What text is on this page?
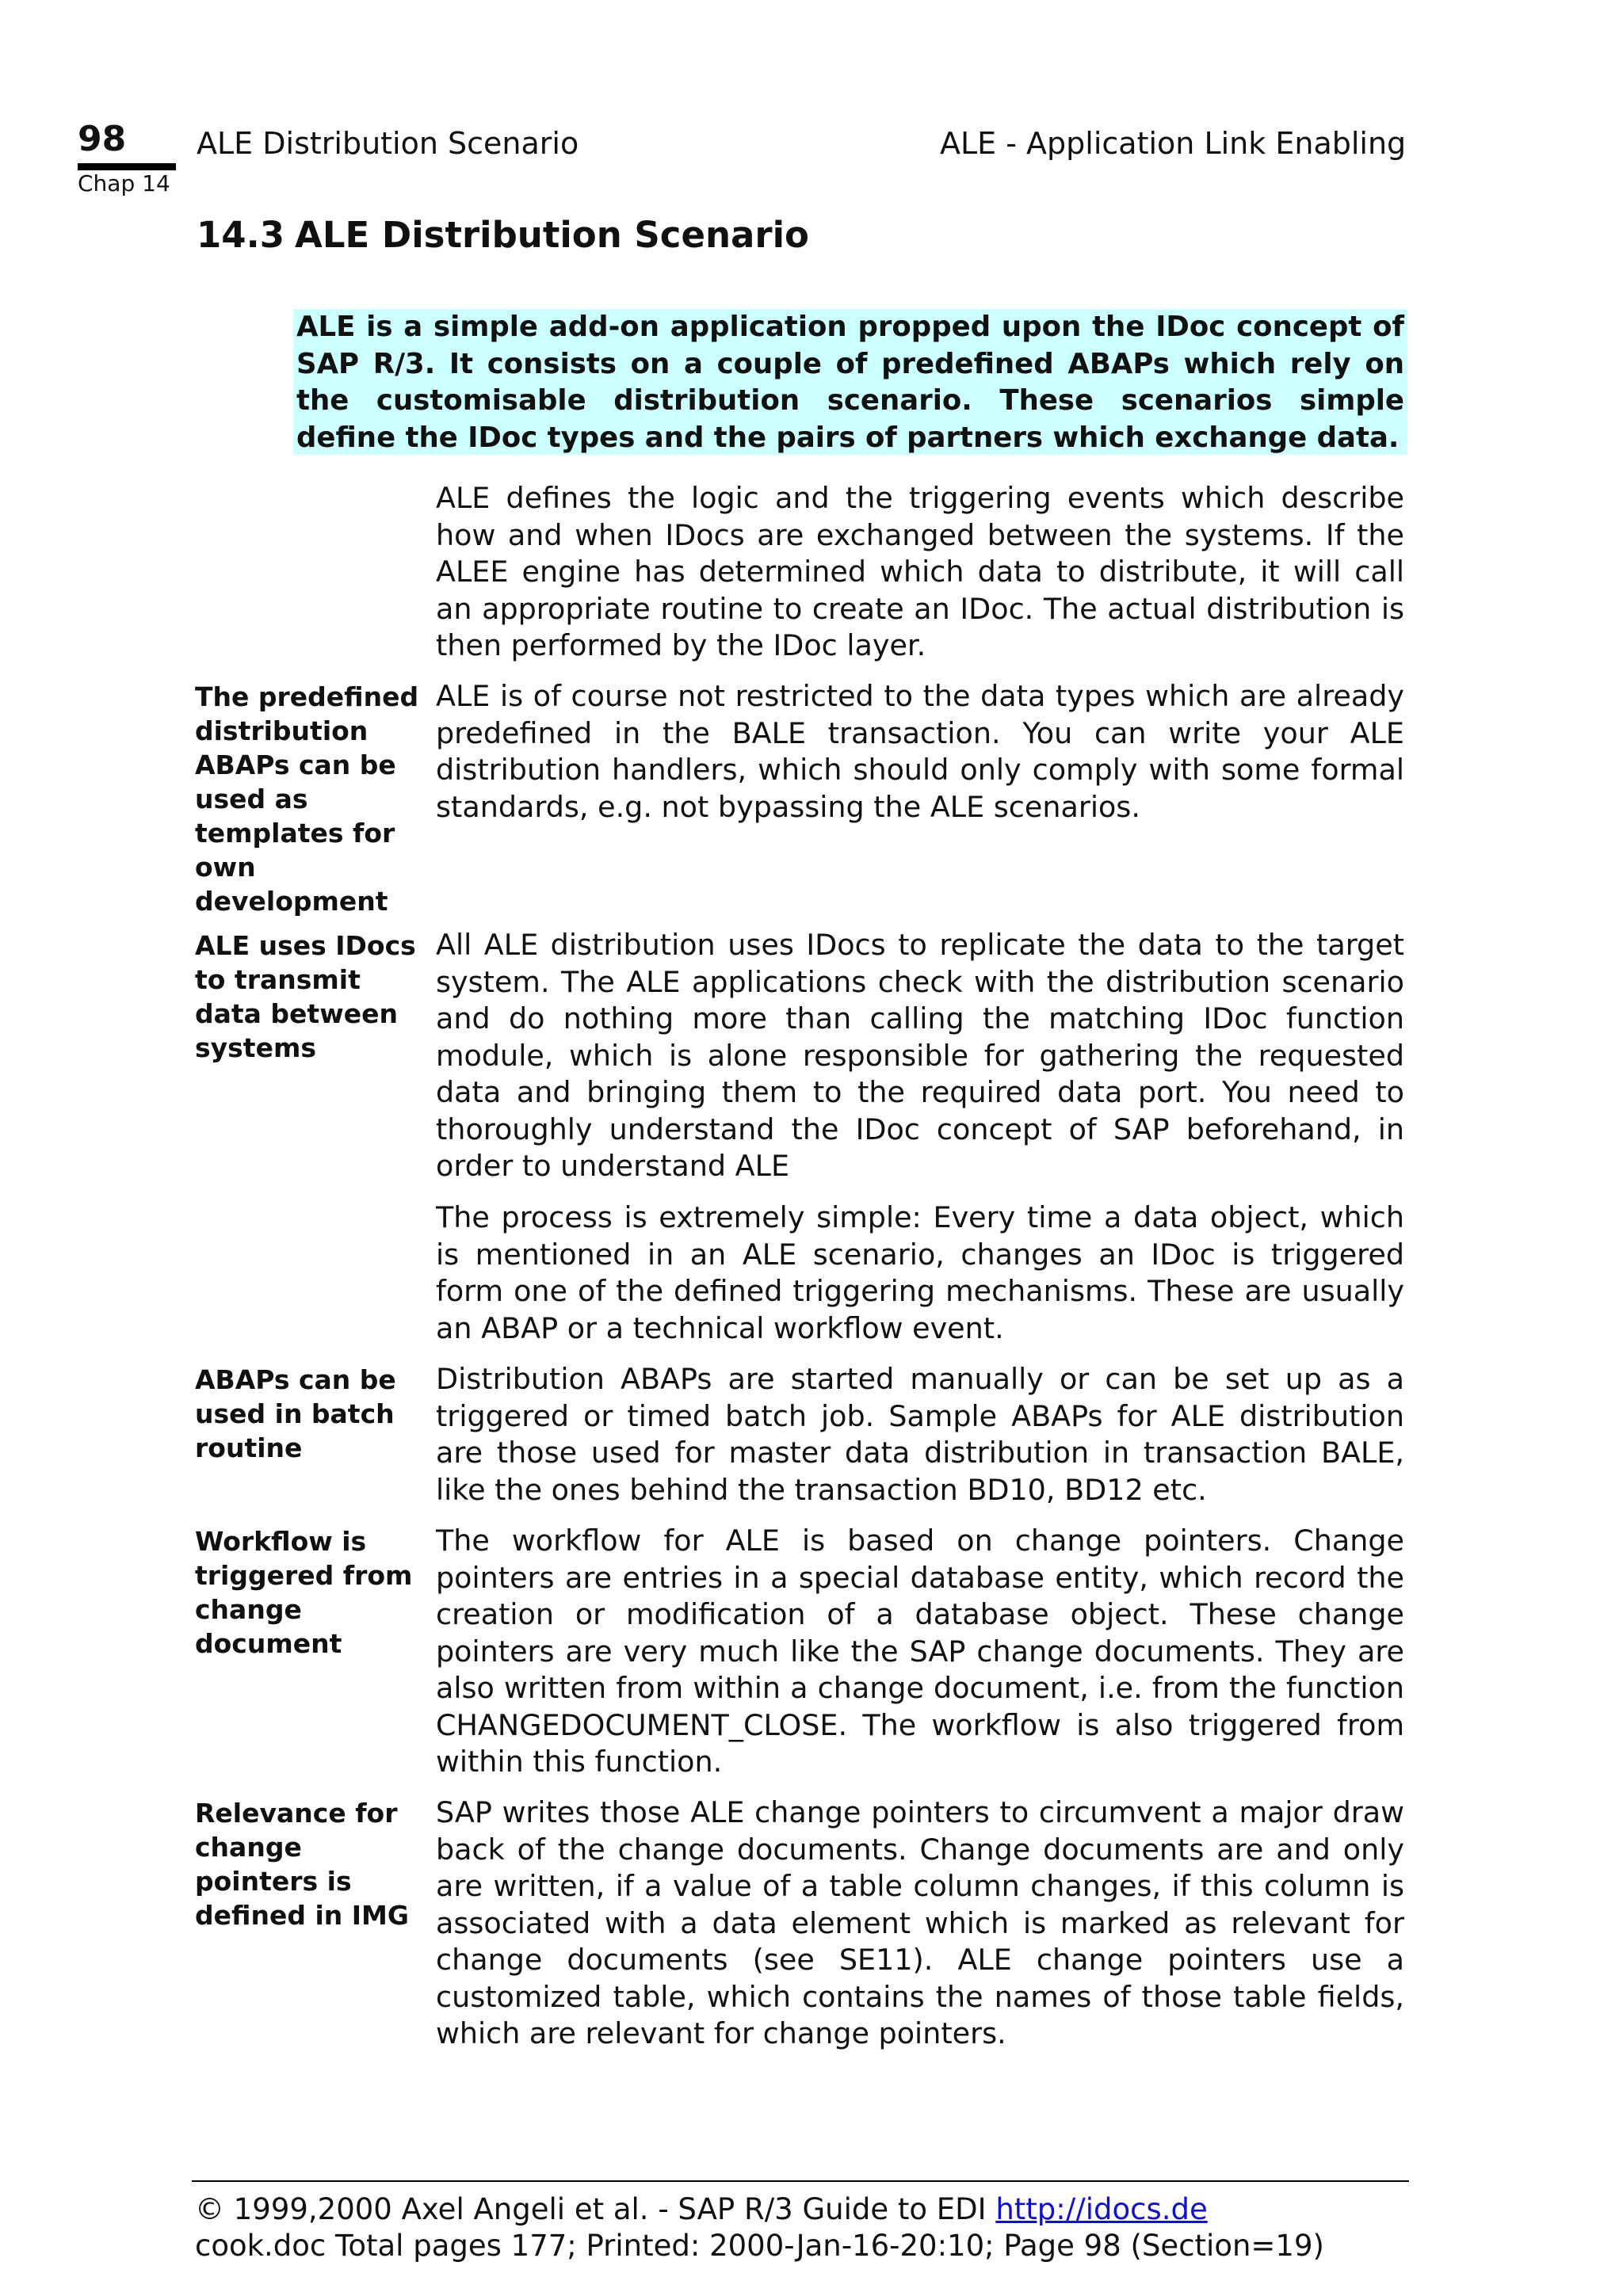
98
Chap 14
ALE Distribution Scenario	ALE - Application Link Enabling
14.3 ALE Distribution Scenario
ALE is a simple add-on application propped upon the IDoc concept of SAP R/3. It consists on a couple of predefined ABAPs which rely on the customisable distribution scenario. These scenarios simple define the IDoc types and the pairs of partners which exchange data.
ALE defines the logic and the triggering events which describe how and when IDocs are exchanged between the systems. If the ALEE engine has determined which data to distribute, it will call an appropriate routine to create an IDoc. The actual distribution is then performed by the IDoc layer.
ALE is of course not restricted to the data types which are already predefined in the BALE transaction. You can write your ALE distribution handlers, which should only comply with some formal standards, e.g. not bypassing the ALE scenarios.
All ALE distribution uses IDocs to replicate the data to the target system. The ALE applications check with the distribution scenario and do nothing more than calling the matching IDoc function module, which is alone responsible for gathering the requested data and bringing them to the required data port. You need to thoroughly understand the IDoc concept of SAP beforehand, in order to understand ALE
The process is extremely simple: Every time a data object, which is mentioned in an ALE scenario, changes an IDoc is triggered form one of the defined triggering mechanisms. These are usually an ABAP or a technical workflow event.
Distribution ABAPs are started manually or can be set up as a triggered or timed batch job. Sample ABAPs for ALE distribution are those used for master data distribution in transaction BALE, like the ones behind the transaction BD10, BD12 etc.
The workflow for ALE is based on change pointers. Change pointers are entries in a special database entity, which record the creation or modification of a database object. These change pointers are very much like the SAP change documents. They are also written from within a change document, i.e. from the function CHANGEDOCUMENT_CLOSE. The workflow is also triggered from within this function.
SAP writes those ALE change pointers to circumvent a major draw back of the change documents. Change documents are and only are written, if a value of a table column changes, if this column is associated with a data element which is marked as relevant for change documents (see SE11). ALE change pointers use a customized table, which contains the names of those table fields, which are relevant for change pointers.
The predefined distribution ABAPs can be used as templates for own development
ALE uses IDocs to transmit data between systems
ABAPs can be used in batch routine
Workflow is triggered from change document
Relevance for change pointers is defined in IMG
© 1999,2000 Axel Angeli et al. - SAP R/3 Guide to EDI http://idocs.de
cook.doc Total pages 177; Printed: 2000-Jan-16-20:10; Page 98 (Section=19)
